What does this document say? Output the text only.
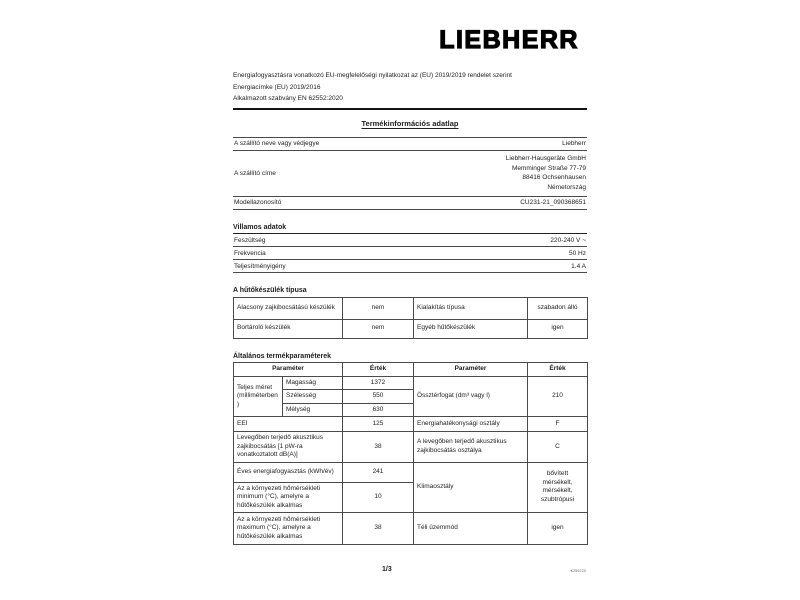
LIEBHERR
Energiafogyasztásra vonatkozó EU-megfelelőségi nyilatkozat az (EU) 2019/2019 rendelet szerint
Energiacímke (EU) 2019/2016
Alkalmazott szabvány EN 62552:2020
Termékinformációs adatlap
A szállító neve vagy védjegye	Liebherr
A szállító címe
Liebherr-Hausgeräte GmbH
Memminger Straße 77-79
88416 Ochsenhausen
Németország
Modellazonosító	CU231-21_090368651
Villamos adatok
Feszültség	220-240 V ~
Frekvencia	50 Hz
Teljesítményigény	1.4 A
A hűtőkészülék típusa
Alacsony zajkibocsátású készülék	nem	Kialakítás típusa	szabadon álló
Bortároló készülék	nem	Egyéb hűtőkészülék	igen
Általános termékparaméterek
Paraméter		Érték	Paraméter	Érték
Teljes méret (milliméterben)	Magasság	1372	Össztérfogat (dm³ vagy l)	210
	Szélesség	550		
	Mélység	630		
EEI		125	Energiahatékonysági osztály	F
Levegőben terjedő akusztikus zajkibocsátás [1 pW-ra vonatkoztatott dB(A)]		38	A levegőben terjedő akusztikus zajkibocsátás osztálya	C
Éves energiafogyasztás (kWh/év)		241	Klimaosztály	bővített mérsékelt, mérsékelt, szubtrópusi

Az a környezeti hőmérsékleti minimum (°C), amelyre a hűtőkészülék alkalmas		10		
Az a környezeti hőmérsékleti maximum (°C), amelyre a hűtőkészülék alkalmas		38	Téli üzemmód	igen
1/3	K259220
